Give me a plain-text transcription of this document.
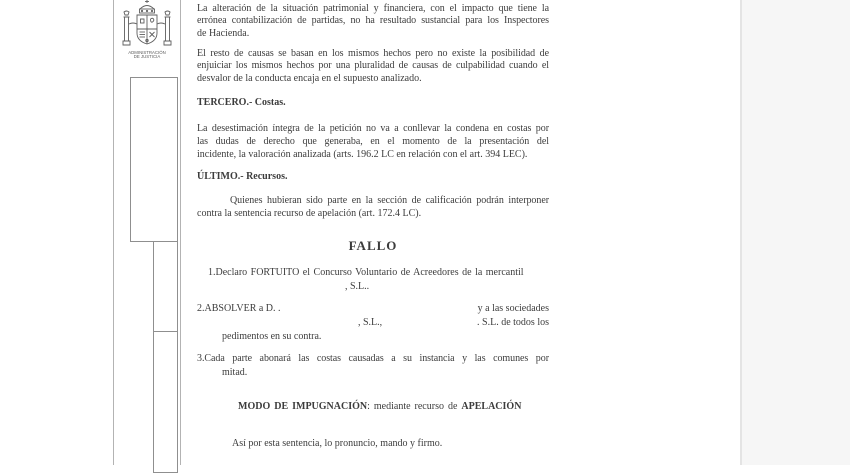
ADMINISTRACIÓN
DE JUSTICIA
La alteración de la situación patrimonial y financiera, con el impacto que tiene la
errónea contabilización de partidas, no ha resultado sustancial para los Inspectores
de Hacienda.
El resto de causas se basan en los mismos hechos pero no existe la posibilidad de
enjuiciar los mismos hechos por una pluralidad de causas de culpabilidad cuando el
desvalor de la conducta encaja en el supuesto analizado.
TERCERO.- Costas.
La desestimación íntegra de la petición no va a conllevar la condena en costas por
las dudas de derecho que generaba, en el momento de la presentación del
incidente, la valoración analizada (arts. 196.2 LC en relación con el art. 394 LEC).
ÚLTIMO.- Recursos.
Quienes hubieran sido parte en la sección de calificación podrán interponer
contra la sentencia recurso de apelación (art. 172.4 LC).
FALLO
1.Declaro FORTUITO el Concurso Voluntario de Acreedores de la mercantil
, S.L..
2.ABSOLVER a D. .	y a las sociedades
, S.L.,	. S.L. de todos los
pedimentos en su contra.
3.Cada parte abonará las costas causadas a su instancia y las comunes por
mitad.
MODO DE IMPUGNACIÓN: mediante recurso de APELACIÓN
Así por esta sentencia, lo pronuncio, mando y firmo.
